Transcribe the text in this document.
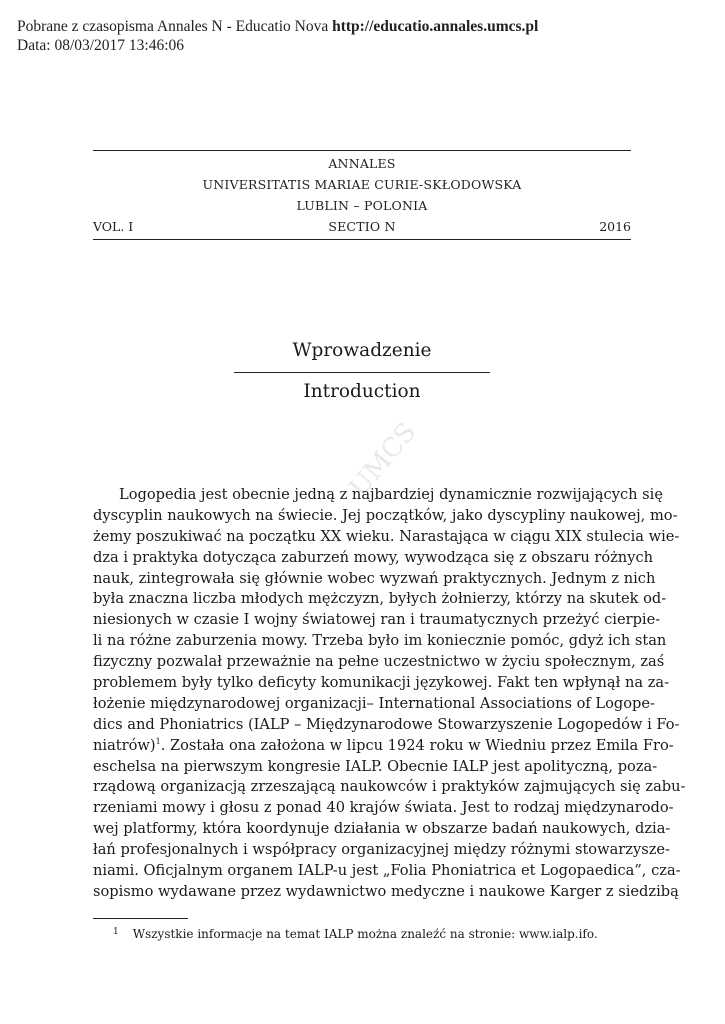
Pobrane z czasopisma Annales N - Educatio Nova http://educatio.annales.umcs.pl
Data: 08/03/2017 13:46:06
ANNALES
UNIVERSITATIS MARIAE CURIE-SKŁODOWSKA
LUBLIN – POLONIA
VOL. I	SECTIO N	2016
Wprowadzenie
Introduction
UMCS
Logopedia jest obecnie jedną z najbardziej dynamicznie rozwijających się
dyscyplin naukowych na świecie. Jej początków, jako dyscypliny naukowej, mo-
żemy poszukiwać na początku XX wieku. Narastająca w ciągu XIX stulecia wie-
dza i praktyka dotycząca zaburzeń mowy, wywodząca się z obszaru różnych
nauk, zintegrowała się głównie wobec wyzwań praktycznych. Jednym z nich
była znaczna liczba młodych mężczyzn, byłych żołnierzy, którzy na skutek od-
niesionych w czasie I wojny światowej ran i traumatycznych przeżyć cierpie-
li na różne zaburzenia mowy. Trzeba było im koniecznie pomóc, gdyż ich stan
fizyczny pozwalał przeważnie na pełne uczestnictwo w życiu społecznym, zaś
problemem były tylko deficyty komunikacji językowej. Fakt ten wpłynął na za-
łożenie międzynarodowej organizacji– International Associations of Logope-
dics and Phoniatrics (IALP – Międzynarodowe Stowarzyszenie Logopedów i Fo-
niatrów)$^1$. Została ona założona w lipcu 1924 roku w Wiedniu przez Emila Fro-
eschelsa na pierwszym kongresie IALP. Obecnie IALP jest apolityczną, poza-
rządową organizacją zrzeszającą naukowców i praktyków zajmujących się zabu-
rzeniami mowy i głosu z ponad 40 krajów świata. Jest to rodzaj międzynarodo-
wej platformy, która koordynuje działania w obszarze badań naukowych, dzia-
łań profesjonalnych i współpracy organizacyjnej między różnymi stowarzysze-
niami. Oficjalnym organem IALP-u jest „Folia Phoniatrica et Logopaedica”, cza-
sopismo wydawane przez wydawnictwo medyczne i naukowe Karger z siedzibą
$^1$ Wszystkie informacje na temat IALP można znaleźć na stronie: www.ialp.ifo.
